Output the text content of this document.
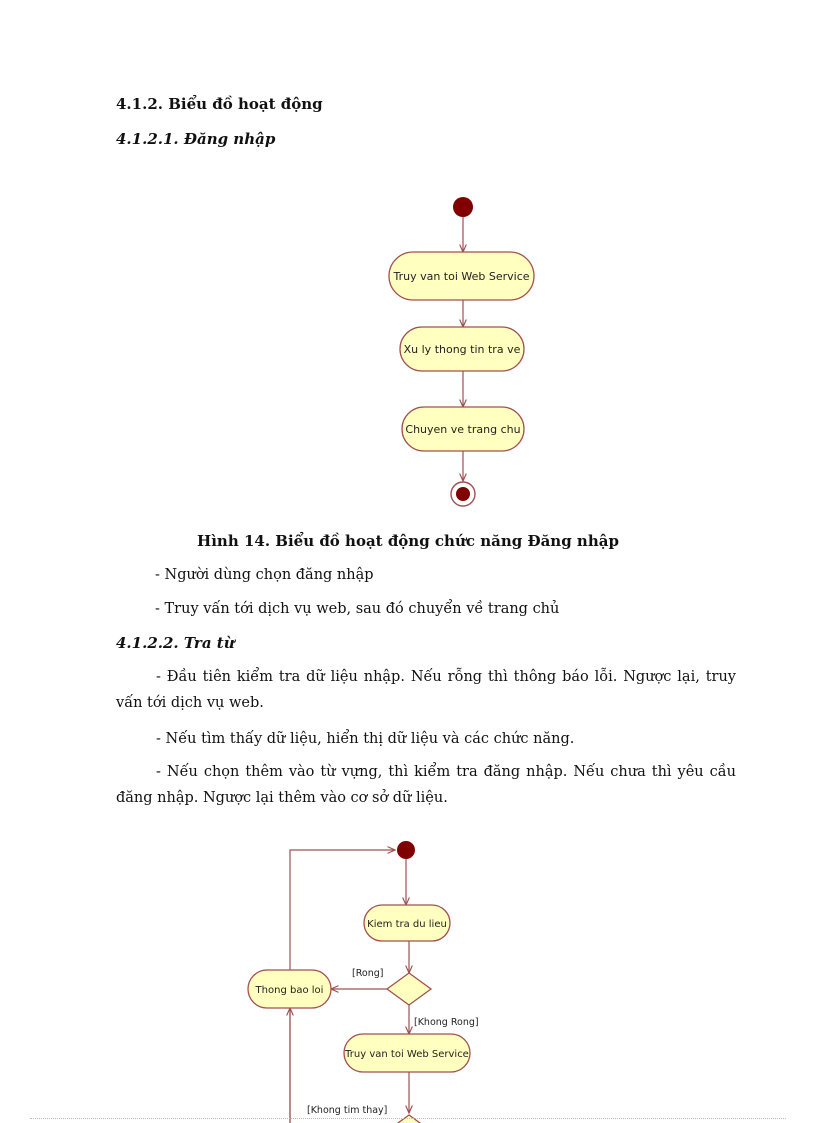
4.1.2. Biểu đồ hoạt động
4.1.2.1. Đăng nhập
Truy van toi Web Service
Xu ly thong tin tra ve
Chuyen ve trang chu
Hình 14. Biểu đồ hoạt động chức năng Đăng nhập
- Người dùng chọn đăng nhập
- Truy vấn tới dịch vụ web, sau đó chuyển về trang chủ
4.1.2.2. Tra từ
- Đầu tiên kiểm tra dữ liệu nhập. Nếu rỗng thì thông báo lỗi. Ngược lại, truy vấn tới dịch vụ web.
- Nếu tìm thấy dữ liệu, hiển thị dữ liệu và các chức năng.
- Nếu chọn thêm vào từ vựng, thì kiểm tra đăng nhập. Nếu chưa thì yêu cầu đăng nhập. Ngược lại thêm vào cơ sở dữ liệu.
Kiem tra du lieu
[Rong]
Thong bao loi
[Khong Rong]
Truy van toi Web Service
[Khong tim thay]
